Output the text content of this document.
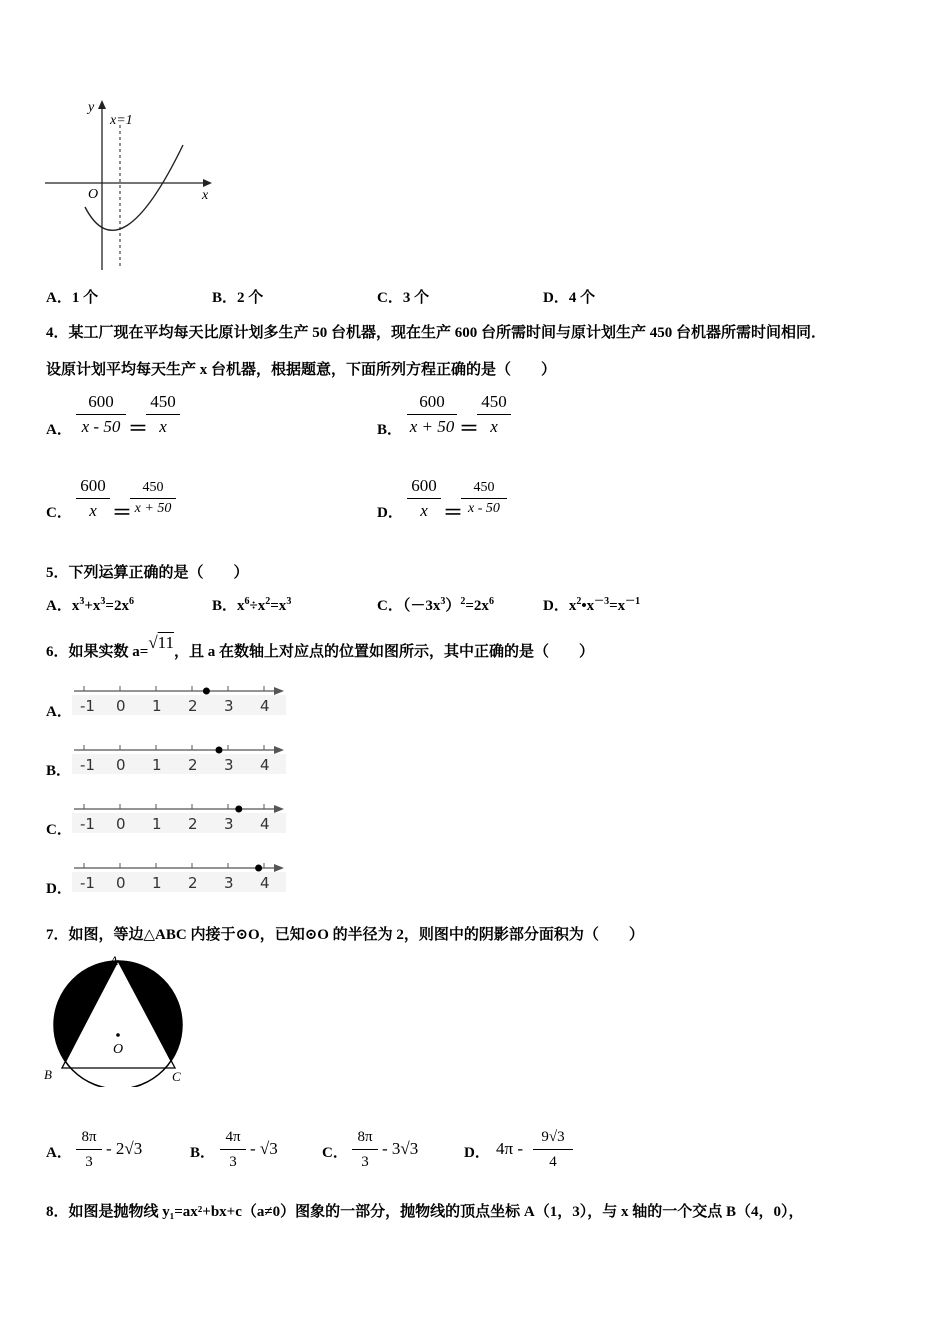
y
x=1
O	x
A．1 个	B．2 个	C．3 个	D．4 个
4．某工厂现在平均每天比原计划多生产 50 台机器，现在生产 600 台所需时间与原计划生产 450 台机器所需时间相同．
设原计划平均每天生产 x 台机器，根据题意，下面所列方程正确的是（　　）
A．
600
x - 50 ＝
450
x	B．
600
x + 50 ＝
450
x
C．
600
x ＝
450
x + 50	D．
600
x ＝
450
x - 50
5．下列运算正确的是（　　）
A．$x^3+x^3=2x^6$	B．$x^6\div x^2=x^3$	C．$(-3x^3)^2=2x^6$	D．$x^2•x^{-3}=x^{-1}$
6．如果实数 a=√11，且 a 在数轴上对应点的位置如图所示，其中正确的是（　　）
A． -1 0 1 2 3 4
B． -1 0 1 2 3 4
C． -1 0 1 2 3 4
D． -1 0 1 2 3 4
7．如图，等边△ABC 内接于⊙O，已知⊙O 的半径为 2，则图中的阴影部分面积为（　　）
A
O
B	C
A．
8π
3
- 2√3	B．
4π
3
- √3	C．
8π
3
- 3√3	D． 4π -
9√3
4
8．如图是抛物线 y₁=ax²+bx+c（a≠0）图象的一部分，抛物线的顶点坐标 A（1，3），与 x 轴的一个交点 B（4，0），
